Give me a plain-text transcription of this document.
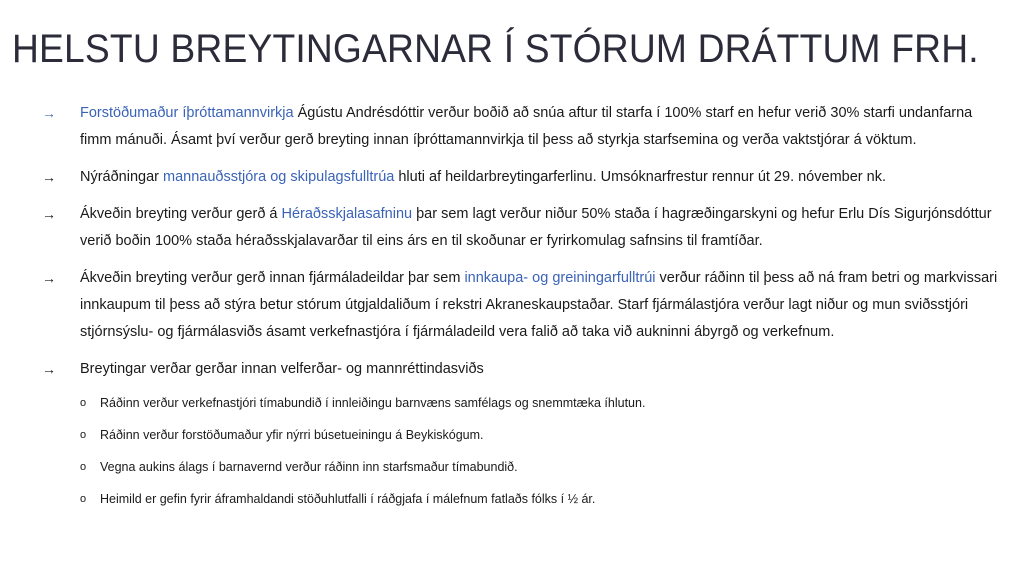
HELSTU BREYTINGARNAR Í STÓRUM DRÁTTUM FRH.
→ Forstöðumaður íþróttamannvirkja Ágústu Andrésdóttir verður boðið að snúa aftur til starfa í 100% starf en hefur verið 30% starfi undanfarna fimm mánuði. Ásamt því verður gerð breyting innan íþróttamannvirkja til þess að styrkja starfsemina og verða vaktstjórar á vöktum.
→ Nýráðningar mannauðsstjóra og skipulagsfulltrúa hluti af heildarbreytingarferlinu. Umsóknarfrestur rennur út 29. nóvember nk.
→ Ákveðin breyting verður gerð á Héraðsskjalasafninu þar sem lagt verður niður 50% staða í hagræðingarskyni og hefur Erlu Dís Sigurjónsdóttur verið boðin 100% staða héraðsskjalavarðar til eins árs en til skoðunar er fyrirkomulag safnsins til framtíðar.
→ Ákveðin breyting verður gerð innan fjármáladeildar þar sem innkaupa- og greiningarfulltrúi verður ráðinn til þess að ná fram betri og markvissari innkaupum til þess að stýra betur stórum útgjaldaliðum í rekstri Akraneskaupstaðar. Starf fjármálastjóra verður lagt niður og mun sviðsstjóri stjórnsýslu- og fjármálasviðs ásamt verkefnastjóra í fjármáladeild vera falið að taka við aukninni ábyrgð og verkefnum.
→ Breytingar verðar gerðar innan velferðar- og mannréttindasviðs
o Ráðinn verður verkefnastjóri tímabundið í innleiðingu barnvæns samfélags og snemmtæka íhlutun.
o Ráðinn verður forstöðumaður yfir nýrri búsetueiningu á Beykiskógum.
o Vegna aukins álags í barnavernd verður ráðinn inn starfsmaður tímabundið.
o Heimild er gefin fyrir áframhaldandi stöðuhlutfalli í ráðgjafa í málefnum fatlaðs fólks í ½ ár.
